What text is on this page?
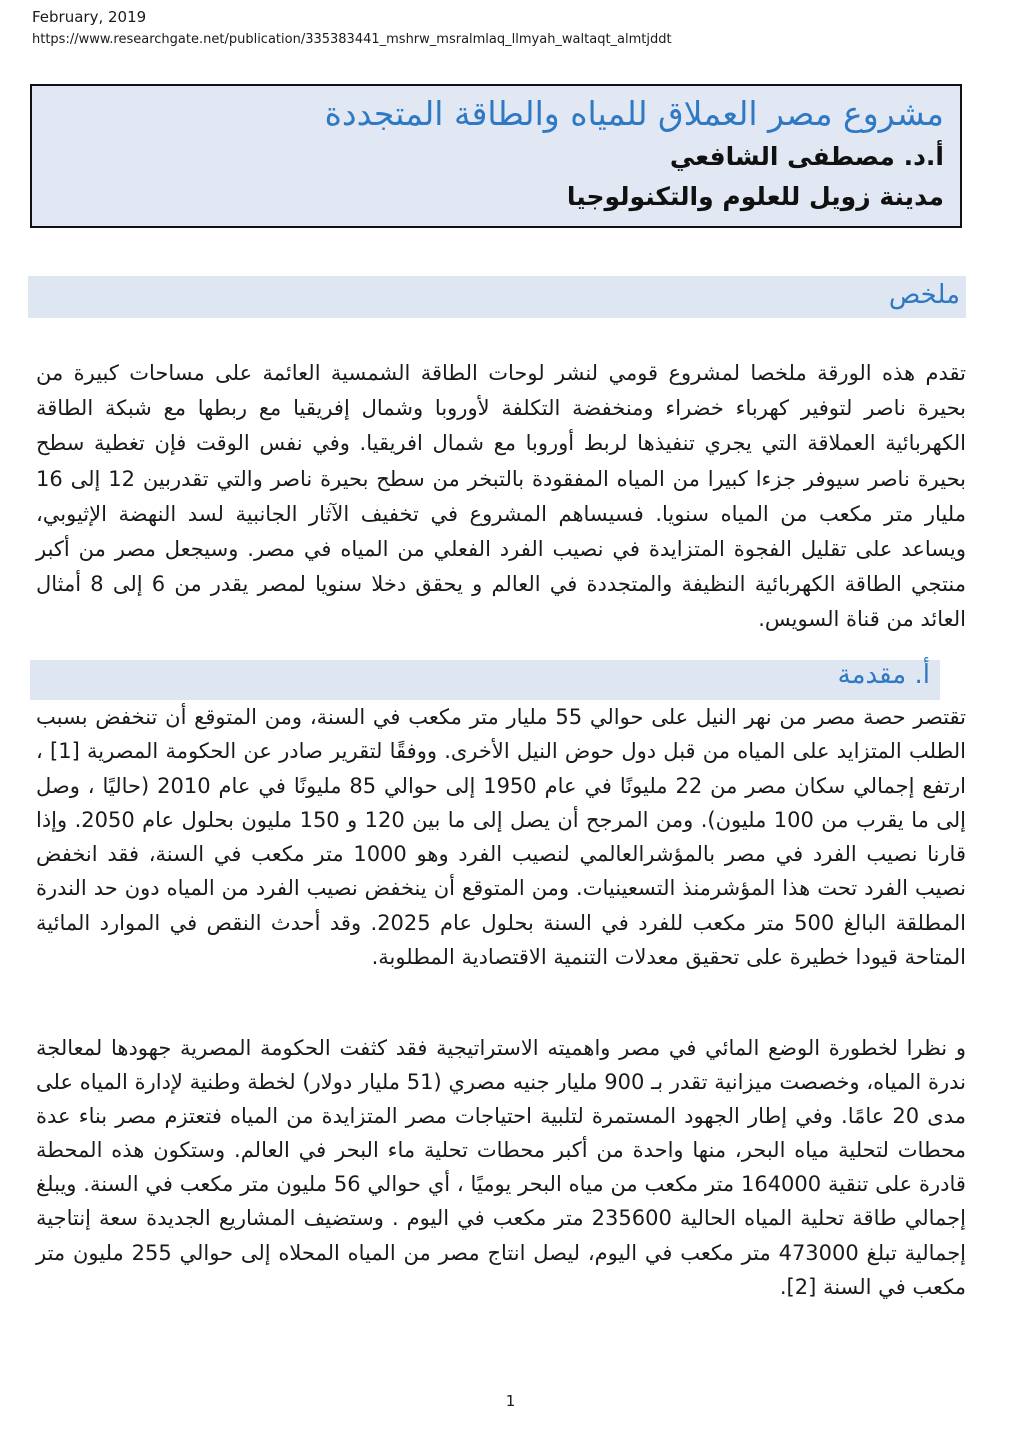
February, 2019
https://www.researchgate.net/publication/335383441_mshrw_msralmlaq_llmyah_waltaqt_almtjddt
مشروع مصر العملاق للمياه والطاقة المتجددة
أ.د. مصطفى الشافعي
مدينة زويل للعلوم والتكنولوجيا
ملخص

تقدم هذه الورقة ملخصا لمشروع قومي لنشر لوحات الطاقة الشمسية العائمة على مساحات كبيرة من بحيرة ناصر لتوفير كهرباء خضراء ومنخفضة التكلفة لأوروبا وشمال إفريقيا مع ربطها مع شبكة الطاقة الكهربائية العملاقة التي يجري تنفيذها لربط أوروبا مع شمال افريقيا. وفي نفس الوقت فإن تغطية سطح بحيرة ناصر سيوفر جزءا كبيرا من المياه المفقودة بالتبخر من سطح بحيرة ناصر والتي تقدربين 12 إلى 16 مليار متر مكعب من المياه سنويا. فسيساهم المشروع في تخفيف الآثار الجانبية لسد النهضة الإثيوبي، ويساعد على تقليل الفجوة المتزايدة في نصيب الفرد الفعلي من المياه في مصر. وسيجعل مصر من أكبر منتجي الطاقة الكهربائية النظيفة والمتجددة في العالم و يحقق دخلا سنويا لمصر يقدر من 6 إلى 8 أمثال العائد من قناة السويس.

أ. مقدمة

تقتصر حصة مصر من نهر النيل على حوالي 55 مليار متر مكعب في السنة، ومن المتوقع أن تنخفض بسبب الطلب المتزايد على المياه من قبل دول حوض النيل الأخرى. ووفقًا لتقرير صادر عن الحكومة المصرية [1] ، ارتفع إجمالي سكان مصر من 22 مليونًا في عام 1950 إلى حوالي 85 مليونًا في عام 2010 (حاليًا ، وصل إلى ما يقرب من 100 مليون). ومن المرجح أن يصل إلى ما بين 120 و 150 مليون بحلول عام 2050. وإذا قارنا نصيب الفرد في مصر بالمؤشرالعالمي لنصيب الفرد وهو 1000 متر مكعب في السنة، فقد انخفض نصيب الفرد تحت هذا المؤشرمنذ التسعينيات. ومن المتوقع أن ينخفض نصيب الفرد من المياه دون حد الندرة المطلقة البالغ 500 متر مكعب للفرد في السنة بحلول عام 2025. وقد أحدث النقص في الموارد المائية المتاحة قيودا خطيرة على تحقيق معدلات التنمية الاقتصادية المطلوبة.

و نظرا لخطورة الوضع المائي في مصر واهميته الاستراتيجية فقد كثفت الحكومة المصرية جهودها لمعالجة ندرة المياه، وخصصت ميزانية تقدر بـ 900 مليار جنيه مصري (51 مليار دولار) لخطة وطنية لإدارة المياه على مدى 20 عامًا. وفي إطار الجهود المستمرة لتلبية احتياجات مصر المتزايدة من المياه فتعتزم مصر بناء عدة محطات لتحلية مياه البحر، منها واحدة من أكبر محطات تحلية ماء البحر في العالم. وستكون هذه المحطة قادرة على تنقية 164000 متر مكعب من مياه البحر يوميًا ، أي حوالي 56 مليون متر مكعب في السنة. ويبلغ إجمالي طاقة تحلية المياه الحالية 235600 متر مكعب في اليوم . وستضيف المشاريع الجديدة سعة إنتاجية إجمالية تبلغ 473000 متر مكعب في اليوم، ليصل انتاج مصر من المياه المحلاه إلى حوالي 255 مليون متر مكعب في السنة [2].

1
